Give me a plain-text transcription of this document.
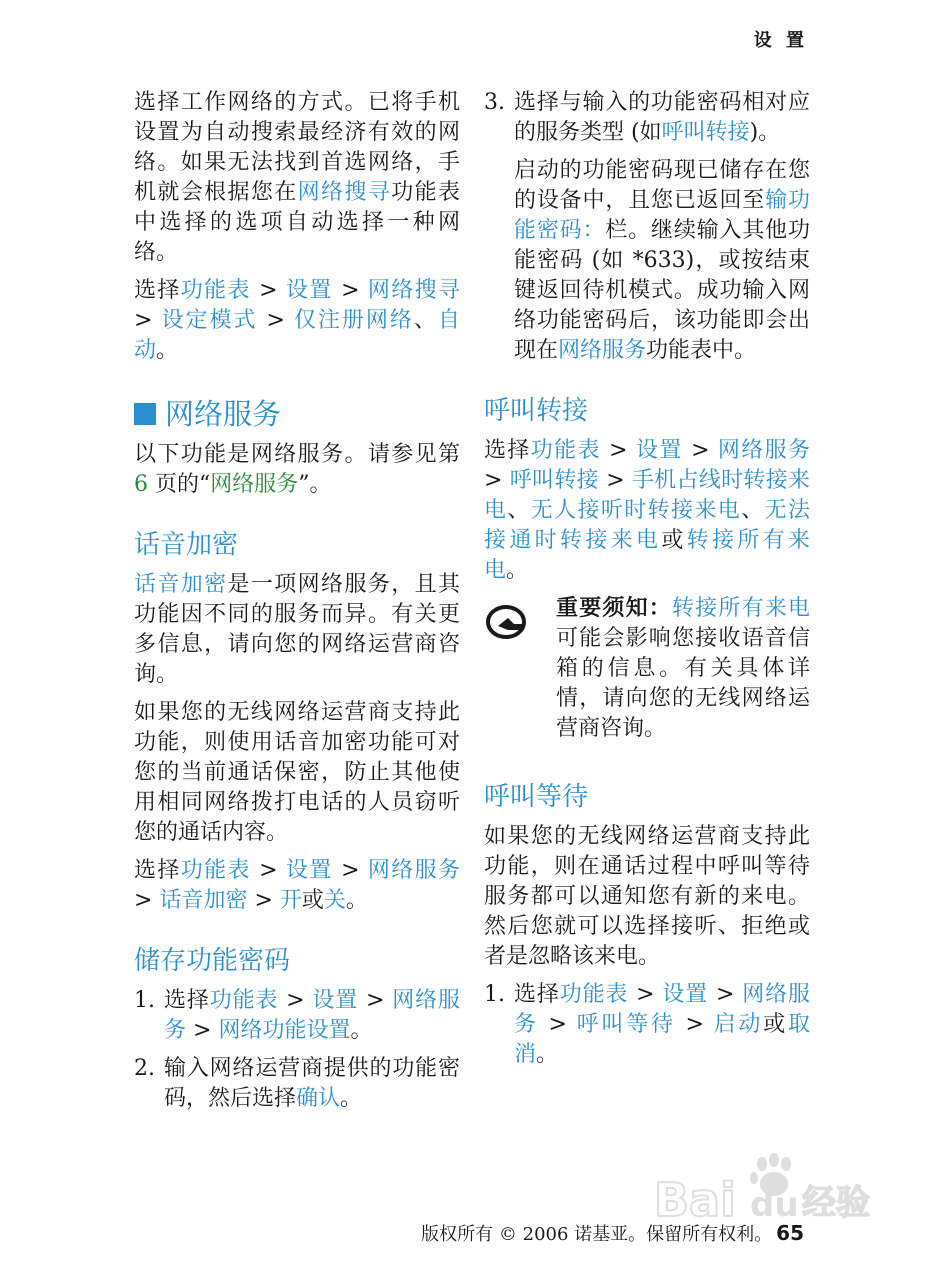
设 置

选择工作网络的方式。已将手机设置为自动搜索最经济有效的网络。如果无法找到首选网络，手机就会根据您在网络搜寻功能表中选择的选项自动选择一种网络。

选择功能表 > 设置 > 网络搜寻 > 设定模式 > 仅注册网络、自动。

网络服务

以下功能是网络服务。请参见第 6 页的“网络服务”。

话音加密

话音加密是一项网络服务，且其功能因不同的服务而异。有关更多信息，请向您的网络运营商咨询。

如果您的无线网络运营商支持此功能，则使用话音加密功能可对您的当前通话保密，防止其他使用相同网络拨打电话的人员窃听您的通话内容。

选择功能表 > 设置 > 网络服务 > 话音加密 > 开或关。

储存功能密码
1. 选择功能表 > 设置 > 网络服务 > 网络功能设置。
2. 输入网络运营商提供的功能密码，然后选择确认。
3. 选择与输入的功能密码相对应的服务类型 (如呼叫转接)。

启动的功能密码现已储存在您的设备中，且您已返回至输功能密码：栏。继续输入其他功能密码 (如 *633)，或按结束键返回待机模式。成功输入网络功能密码后，该功能即会出现在网络服务功能表中。

呼叫转接

选择功能表 > 设置 > 网络服务 > 呼叫转接 > 手机占线时转接来电、无人接听时转接来电、无法接通时转接来电或转接所有来电。

重要须知：转接所有来电可能会影响您接收语音信箱的信息。有关具体详情，请向您的无线网络运营商咨询。

呼叫等待

如果您的无线网络运营商支持此功能，则在通话过程中呼叫等待服务都可以通知您有新的来电。然后您就可以选择接听、拒绝或者是忽略该来电。

1. 选择功能表 > 设置 > 网络服务 > 呼叫等待 > 启动或取消。
Bai du 经验
版权所有 © 2006 诺基亚。保留所有权利。 65
